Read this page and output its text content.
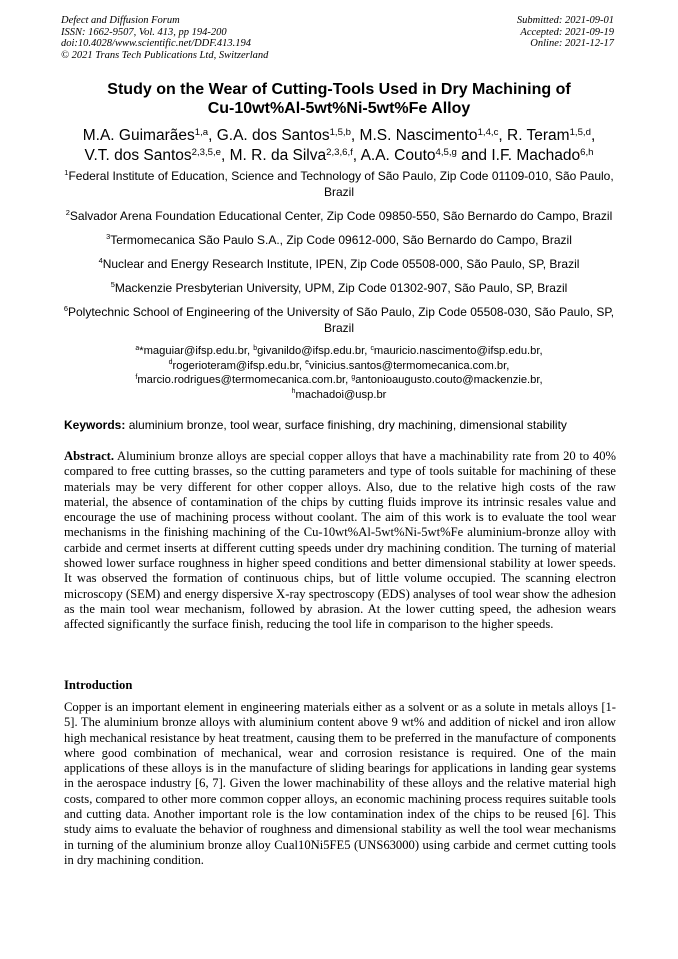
Defect and Diffusion Forum
ISSN: 1662-9507, Vol. 413, pp 194-200
doi:10.4028/www.scientific.net/DDF.413.194
© 2021 Trans Tech Publications Ltd, Switzerland
Submitted: 2021-09-01
Accepted: 2021-09-19
Online: 2021-12-17
Study on the Wear of Cutting-Tools Used in Dry Machining of
Cu-10wt%Al-5wt%Ni-5wt%Fe Alloy
M.A. Guimarães$^{1,a}$, G.A. dos Santos$^{1,5,b}$, M.S. Nascimento$^{1,4,c}$, R. Teram$^{1,5,d}$,
V.T. dos Santos$^{2,3,5,e}$, M. R. da Silva$^{2,3,6,f}$, A.A. Couto$^{4,5,g}$ and I.F. Machado$^{6,h}$
$^1$Federal Institute of Education, Science and Technology of São Paulo, Zip Code 01109-010, São Paulo, Brazil
$^2$Salvador Arena Foundation Educational Center, Zip Code 09850-550, São Bernardo do Campo, Brazil
$^3$Termomecanica São Paulo S.A., Zip Code 09612-000, São Bernardo do Campo, Brazil
$^4$Nuclear and Energy Research Institute, IPEN, Zip Code 05508-000, São Paulo, SP, Brazil
$^5$Mackenzie Presbyterian University, UPM, Zip Code 01302-907, São Paulo, SP, Brazil
$^6$Polytechnic School of Engineering of the University of São Paulo, Zip Code 05508-030, São Paulo, SP, Brazil
$^a$*maguiar@ifsp.edu.br, $^b$givanildo@ifsp.edu.br, $^c$mauricio.nascimento@ifsp.edu.br,
$^d$rogerioteram@ifsp.edu.br, $^e$vinicius.santos@termomecanica.com.br,
$^f$marcio.rodrigues@termomecanica.com.br, $^g$antonioaugusto.couto@mackenzie.br,
$^h$machadoi@usp.br
Keywords: aluminium bronze, tool wear, surface finishing, dry machining, dimensional stability
Abstract. Aluminium bronze alloys are special copper alloys that have a machinability rate from 20 to 40% compared to free cutting brasses, so the cutting parameters and type of tools suitable for machining of these materials may be very different for other copper alloys. Also, due to the relative high costs of the raw material, the absence of contamination of the chips by cutting fluids improve its intrinsic resales value and encourage the use of machining process without coolant. The aim of this work is to evaluate the tool wear mechanisms in the finishing machining of the Cu-10wt%Al-5wt%Ni-5wt%Fe aluminium-bronze alloy with carbide and cermet inserts at different cutting speeds under dry machining condition. The turning of material showed lower surface roughness in higher speed conditions and better dimensional stability at lower speeds. It was observed the formation of continuous chips, but of little volume occupied. The scanning electron microscopy (SEM) and energy dispersive X-ray spectroscopy (EDS) analyses of tool wear show the adhesion as the main tool wear mechanism, followed by abrasion. At the lower cutting speed, the adhesion wears affected significantly the surface finish, reducing the tool life in comparison to the higher speeds.
Introduction
Copper is an important element in engineering materials either as a solvent or as a solute in metals alloys [1-5]. The aluminium bronze alloys with aluminium content above 9 wt% and addition of nickel and iron allow high mechanical resistance by heat treatment, causing them to be preferred in the manufacture of components where good combination of mechanical, wear and corrosion resistance is required. One of the main applications of these alloys is in the manufacture of sliding bearings for applications in landing gear systems in the aerospace industry [6, 7]. Given the lower machinability of these alloys and the relative material high costs, compared to other more common copper alloys, an economic machining process requires suitable tools and cutting data. Another important role is the low contamination index of the chips to be reused [6]. This study aims to evaluate the behavior of roughness and dimensional stability as well the tool wear mechanisms in turning of the aluminium bronze alloy Cual10Ni5FE5 (UNS63000) using carbide and cermet cutting tools in dry machining condition.
